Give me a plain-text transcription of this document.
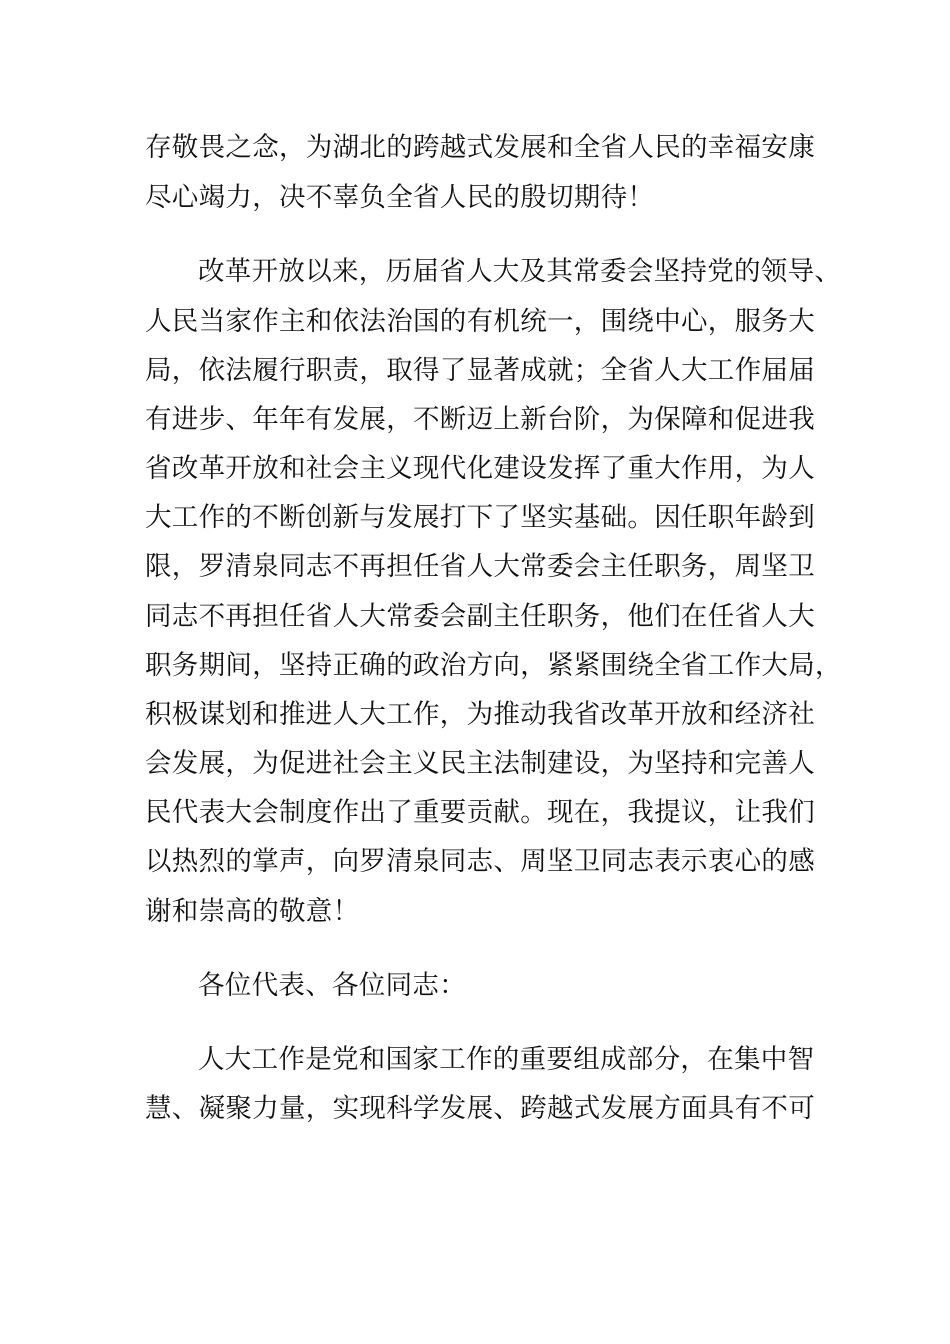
存敬畏之念，为湖北的跨越式发展和全省人民的幸福安康
尽心竭力，决不辜负全省人民的殷切期待！
改革开放以来，历届省人大及其常委会坚持党的领导、
人民当家作主和依法治国的有机统一，围绕中心，服务大
局，依法履行职责，取得了显著成就；全省人大工作届届
有进步、年年有发展，不断迈上新台阶，为保障和促进我
省改革开放和社会主义现代化建设发挥了重大作用，为人
大工作的不断创新与发展打下了坚实基础。因任职年龄到
限，罗清泉同志不再担任省人大常委会主任职务，周坚卫
同志不再担任省人大常委会副主任职务，他们在任省人大
职务期间，坚持正确的政治方向，紧紧围绕全省工作大局，
积极谋划和推进人大工作，为推动我省改革开放和经济社
会发展，为促进社会主义民主法制建设，为坚持和完善人
民代表大会制度作出了重要贡献。现在，我提议，让我们
以热烈的掌声，向罗清泉同志、周坚卫同志表示衷心的感
谢和崇高的敬意！
各位代表、各位同志：
人大工作是党和国家工作的重要组成部分，在集中智
慧、凝聚力量，实现科学发展、跨越式发展方面具有不可
